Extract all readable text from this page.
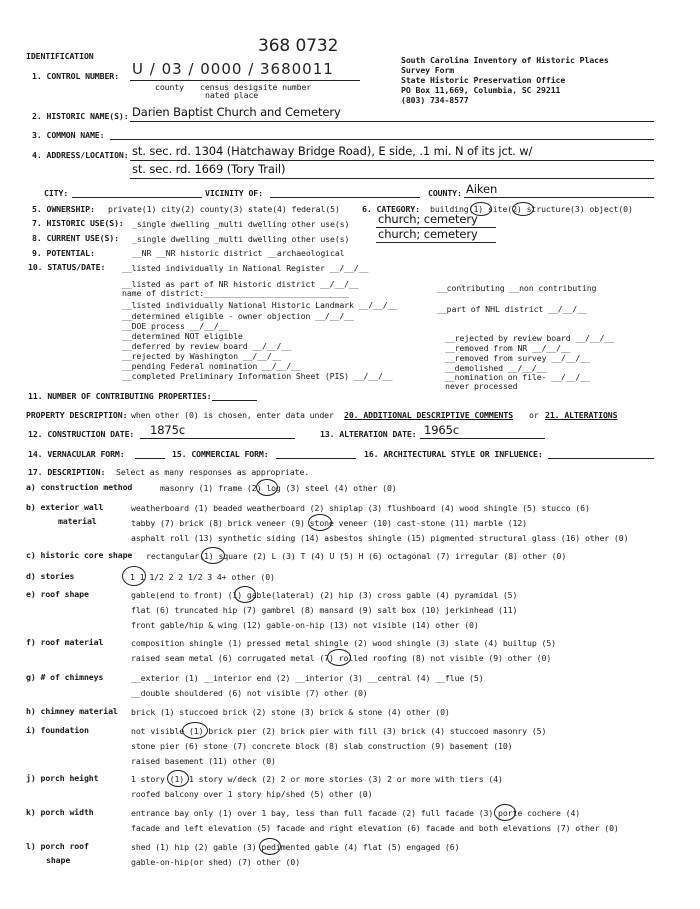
IDENTIFICATION	368 0732
South Carolina Inventory of Historic Places
Survey Form
State Historic Preservation Office
PO Box 11,669, Columbia, SC 29211
(803) 734-8577
1. CONTROL NUMBER: U / 03 / 0000 / 3680011
county census desig-
nated place
site number
2. HISTORIC NAME(S): Darien Baptist Church and Cemetery
3. COMMON NAME:
4. ADDRESS/LOCATION: st. sec. rd. 1304 (Hatchaway Bridge Road), E side, .1 mi. N of its jct. w/
st. sec. rd. 1669 (Tory Trail)
CITY:	VICINITY OF:	COUNTY: Aiken
5. OWNERSHIP: private(1) city(2) county(3) state(4) federal(5)	6. CATEGORY: building(1) site(2) structure(3) object(0)
7. HISTORIC USE(S): _single dwelling _multi dwelling other use(s) church; cemetery
8. CURRENT USE(S): _single dwelling _multi dwelling other use(s) church; cemetery
9. POTENTIAL:	__NR __NR historic district __archaeological
10. STATUS/DATE: __listed individually in National Register __/__/__
__listed as part of NR historic district __/__/__
name of district:______________________________
__listed individually National Historic Landmark __/__/__
__determined eligible - owner objection __/__/__
__DOE process __/__/__
__determined NOT eligible
__deferred by review board __/__/__
__rejected by Washington __/__/__
__pending Federal nomination __/__/__
__completed Preliminary Information Sheet (PIS) __/__/__
__contributing __non contributing
__part of NHL district __/__/__
__rejected by review board __/__/__
__removed from NR __/__/__
__removed from survey __/__/__
__demolished __/__/__
__nomination on file- __/__/__
never processed
11. NUMBER OF CONTRIBUTING PROPERTIES:
PROPERTY DESCRIPTION: when other (0) is chosen, enter data under 20. ADDITIONAL DESCRIPTIVE COMMENTS or 21. ALTERATIONS
12. CONSTRUCTION DATE: 1875c	13. ALTERATION DATE: 1965c
14. VERNACULAR FORM:	15. COMMERCIAL FORM:	16. ARCHITECTURAL STYLE OR INFLUENCE:
17. DESCRIPTION: Select as many responses as appropriate.
a) construction method	masonry (1) frame (2) log (3) steel (4) other (0)
b) exterior wall
material
weatherboard (1) beaded weatherboard (2) shiplap (3) flushboard (4) wood shingle (5) stucco (6)
tabby (7) brick (8) brick veneer (9) stone veneer (10) cast-stone (11) marble (12)
asphalt roll (13) synthetic siding (14) asbestos shingle (15) pigmented structural glass (16) other (0)
c) historic core shape rectangular(1) square (2) L (3) T (4) U (5) H (6) octagonal (7) irregular (8) other (0)
d) stories	1 1 1/2 2 2 1/2 3 4+ other (0)
e) roof shape	gable(end to front) (1) gable(lateral) (2) hip (3) cross gable (4) pyramidal (5)
flat (6) truncated hip (7) gambrel (8) mansard (9) salt box (10) jerkinhead (11)
front gable/hip & wing (12) gable-on-hip (13) not visible (14) other (0)
f) roof material	composition shingle (1) pressed metal shingle (2) wood shingle (3) slate (4) builtup (5)
raised seam metal (6) corrugated metal (7) rolled roofing (8) not visible (9) other (0)
g) # of chimneys	__exterior (1) __interior end (2) __interior (3) __central (4) __flue (5)
__double shouldered (6) not visible (7) other (0)
h) chimney material brick (1) stuccoed brick (2) stone (3) brick & stone (4) other (0)
i) foundation	not visible (1) brick pier (2) brick pier with fill (3) brick (4) stuccoed masonry (5)
stone pier (6) stone (7) concrete block (8) slab construction (9) basement (10)
raised basement (11) other (0)
j) porch height	1 story (1) 1 story w/deck (2) 2 or more stories (3) 2 or more with tiers (4)
roofed balcony over 1 story hip/shed (5) other (0)
k) porch width	entrance bay only (1) over 1 bay, less than full facade (2) full facade (3) porte cochere (4)
facade and left elevation (5) facade and right elevation (6) facade and both elevations (7) other (0)
l) porch roof
shape
shed (1) hip (2) gable (3) pedimented gable (4) flat (5) engaged (6)
gable-on-hip(or shed) (7) other (0)
